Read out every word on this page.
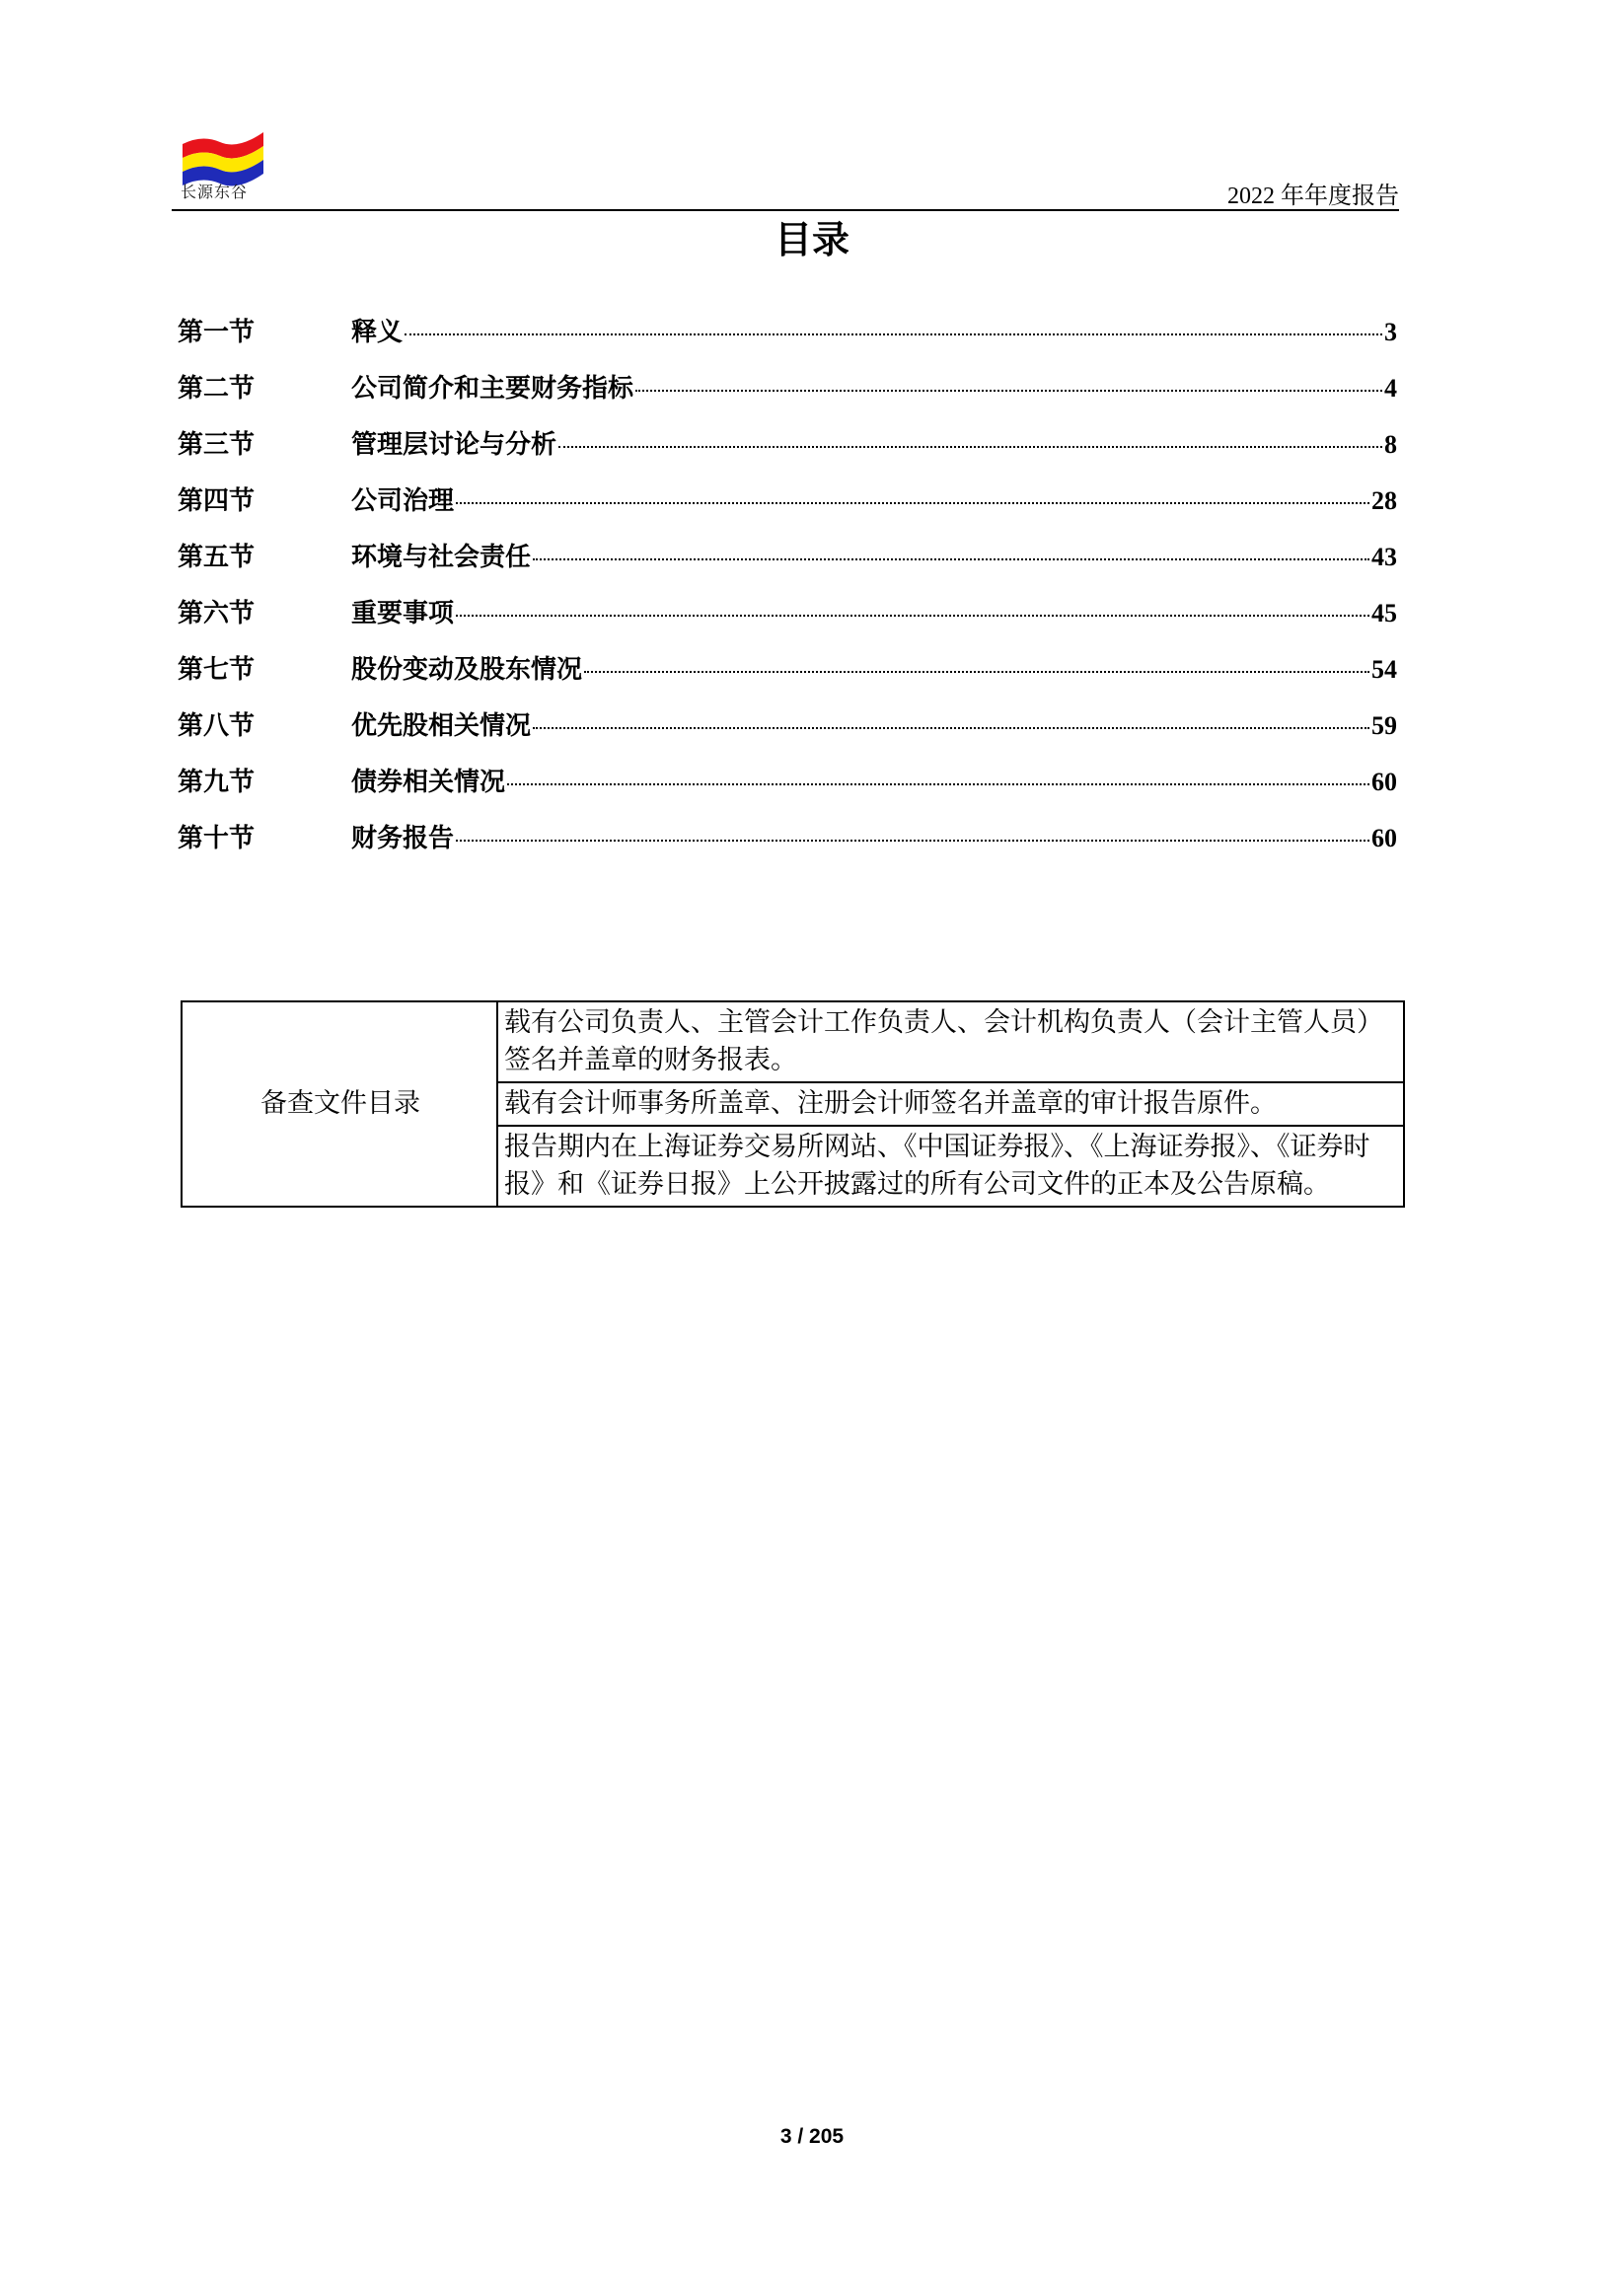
长源东谷	2022 年年度报告
目录
第一节	释义	3
第二节	公司简介和主要财务指标	4
第三节	管理层讨论与分析	8
第四节	公司治理	28
第五节	环境与社会责任	43
第六节	重要事项	45
第七节	股份变动及股东情况	54
第八节	优先股相关情况	59
第九节	债券相关情况	60
第十节	财务报告	60
备查文件目录	载有公司负责人、主管会计工作负责人、会计机构负责人（会计主管人员）签名并盖章的财务报表。
载有会计师事务所盖章、注册会计师签名并盖章的审计报告原件。
报告期内在上海证券交易所网站、《中国证券报》、《上海证券报》、《证券时报》和《证券日报》上公开披露过的所有公司文件的正本及公告原稿。
3 / 205
